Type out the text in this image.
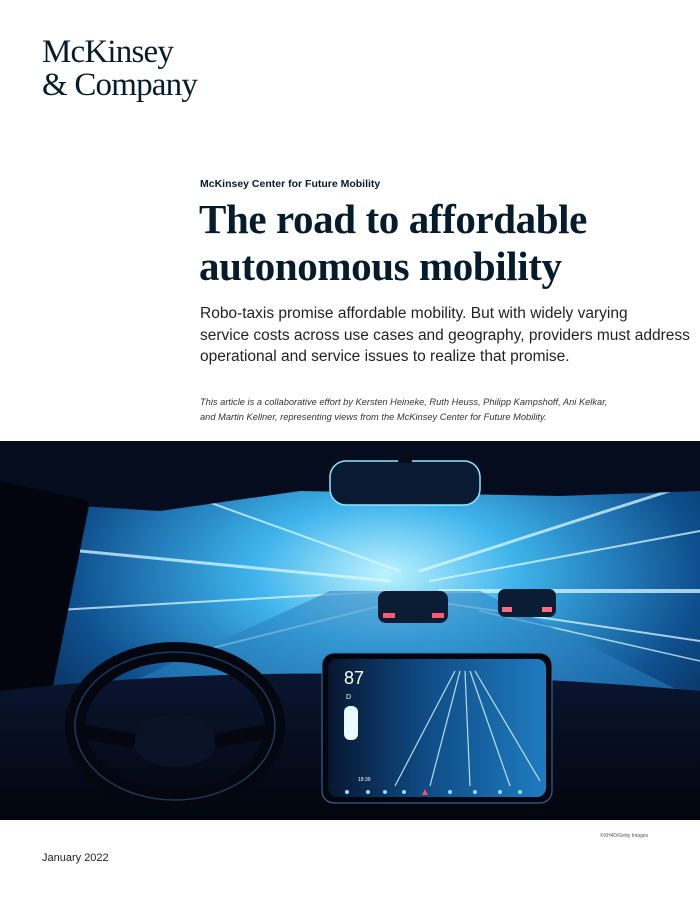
McKinsey
& Company
McKinsey Center for Future Mobility
The road to affordable
autonomous mobility

Robo-taxis promise affordable mobility. But with widely varying
service costs across use cases and geography, providers must address
operational and service issues to realize that promise.

This article is a collaborative effort by Kersten Heineke, Ruth Heuss, Philipp Kampshoff, Ani Kelkar,
and Martin Kellner, representing views from the McKinsey Center for Future Mobility.

87
D
18:39
©XH4D/Getty Images
January 2022
